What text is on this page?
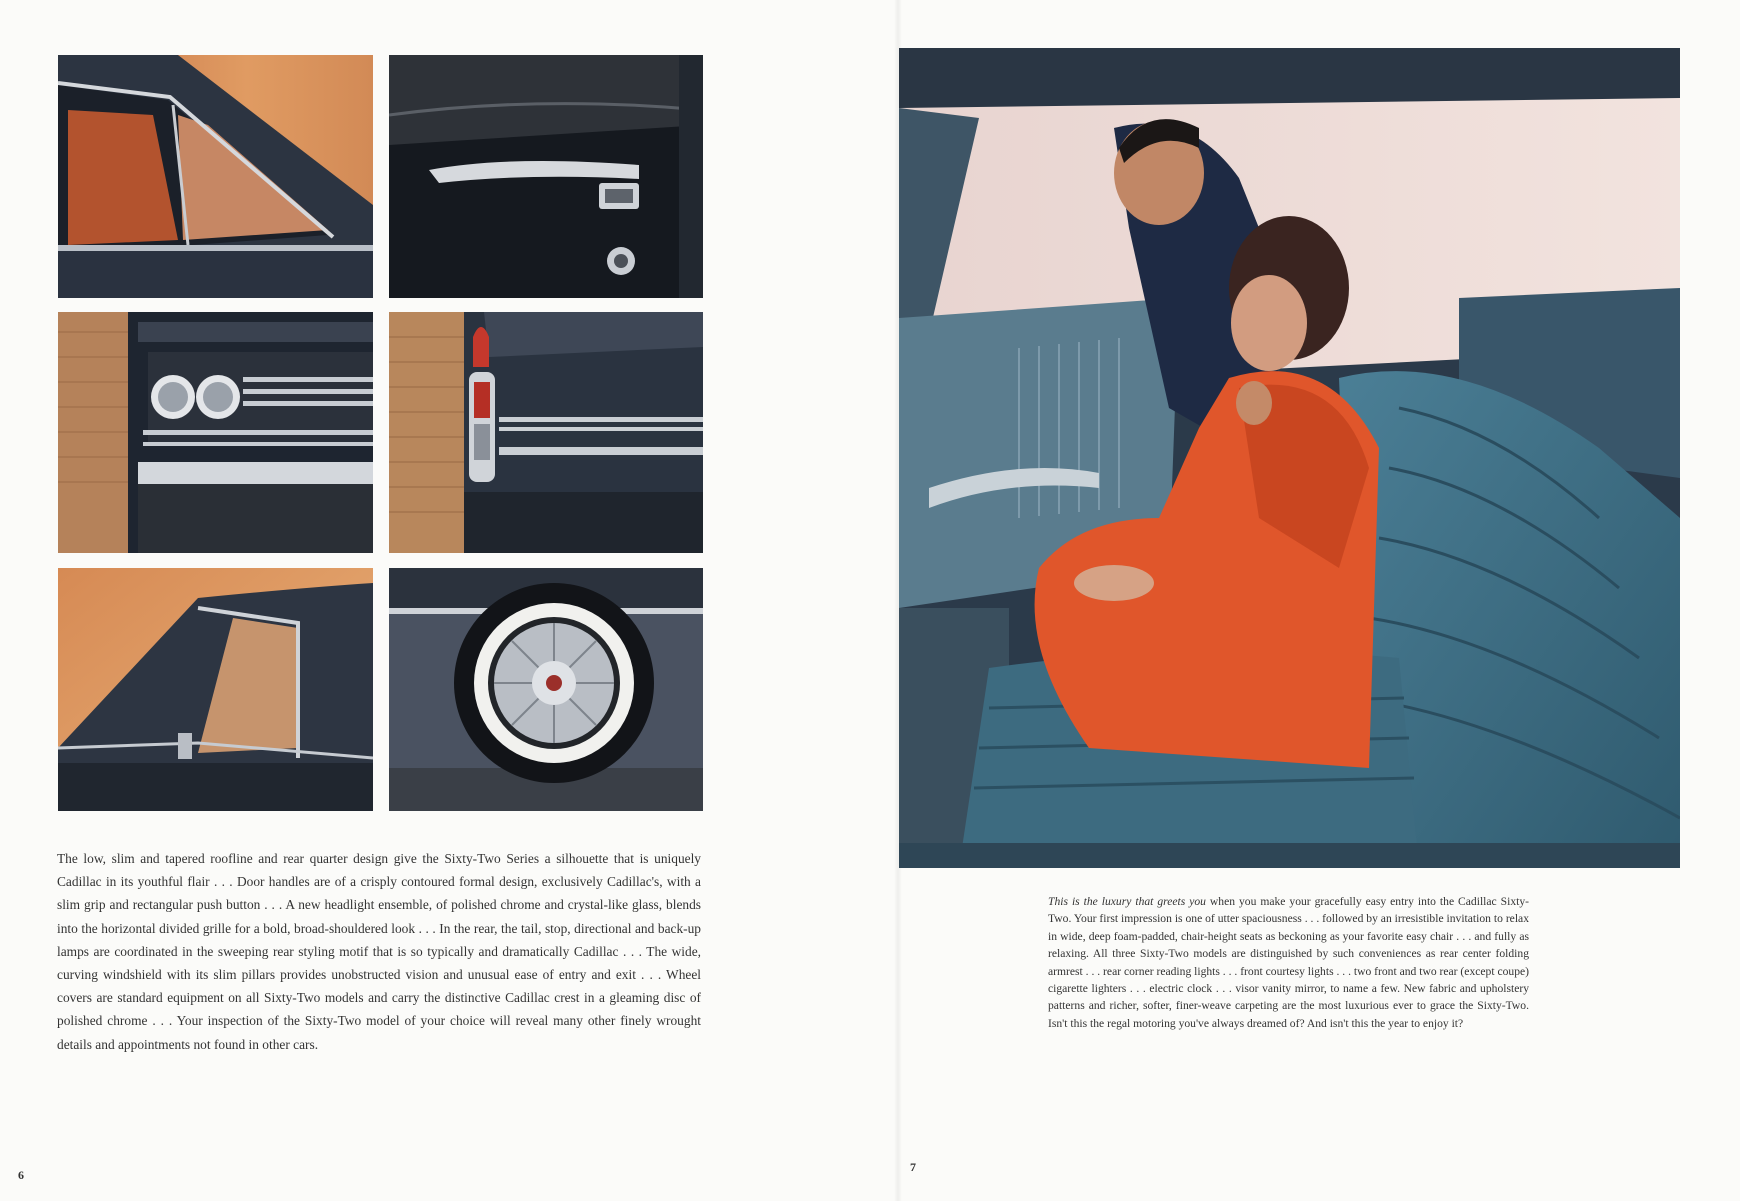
The low, slim and tapered roofline and rear quarter design give the Sixty-Two Series a silhouette that is uniquely Cadillac in its youthful flair . . . Door handles are of a crisply contoured formal design, exclusively Cadillac's, with a slim grip and rectangular push button . . . A new headlight ensemble, of polished chrome and crystal-like glass, blends into the horizontal divided grille for a bold, broad-shouldered look . . . In the rear, the tail, stop, directional and back-up lamps are coordinated in the sweeping rear styling motif that is so typically and dramatically Cadillac . . . The wide, curving windshield with its slim pillars provides unobstructed vision and unusual ease of entry and exit . . . Wheel covers are standard equipment on all Sixty-Two models and carry the distinctive Cadillac crest in a gleaming disc of polished chrome . . . Your inspection of the Sixty-Two model of your choice will reveal many other finely wrought details and appointments not found in other cars.

This is the luxury that greets you when you make your gracefully easy entry into the Cadillac Sixty-Two. Your first impression is one of utter spaciousness . . . followed by an irresistible invitation to relax in wide, deep foam-padded, chair-height seats as beckoning as your favorite easy chair . . . and fully as relaxing. All three Sixty-Two models are distinguished by such conveniences as rear center folding armrest . . . rear corner reading lights . . . front courtesy lights . . . two front and two rear (except coupe) cigarette lighters . . . electric clock . . . visor vanity mirror, to name a few. New fabric and upholstery patterns and richer, softer, finer-weave carpeting are the most luxurious ever to grace the Sixty-Two. Isn't this the regal motoring you've always dreamed of? And isn't this the year to enjoy it?

6
7
